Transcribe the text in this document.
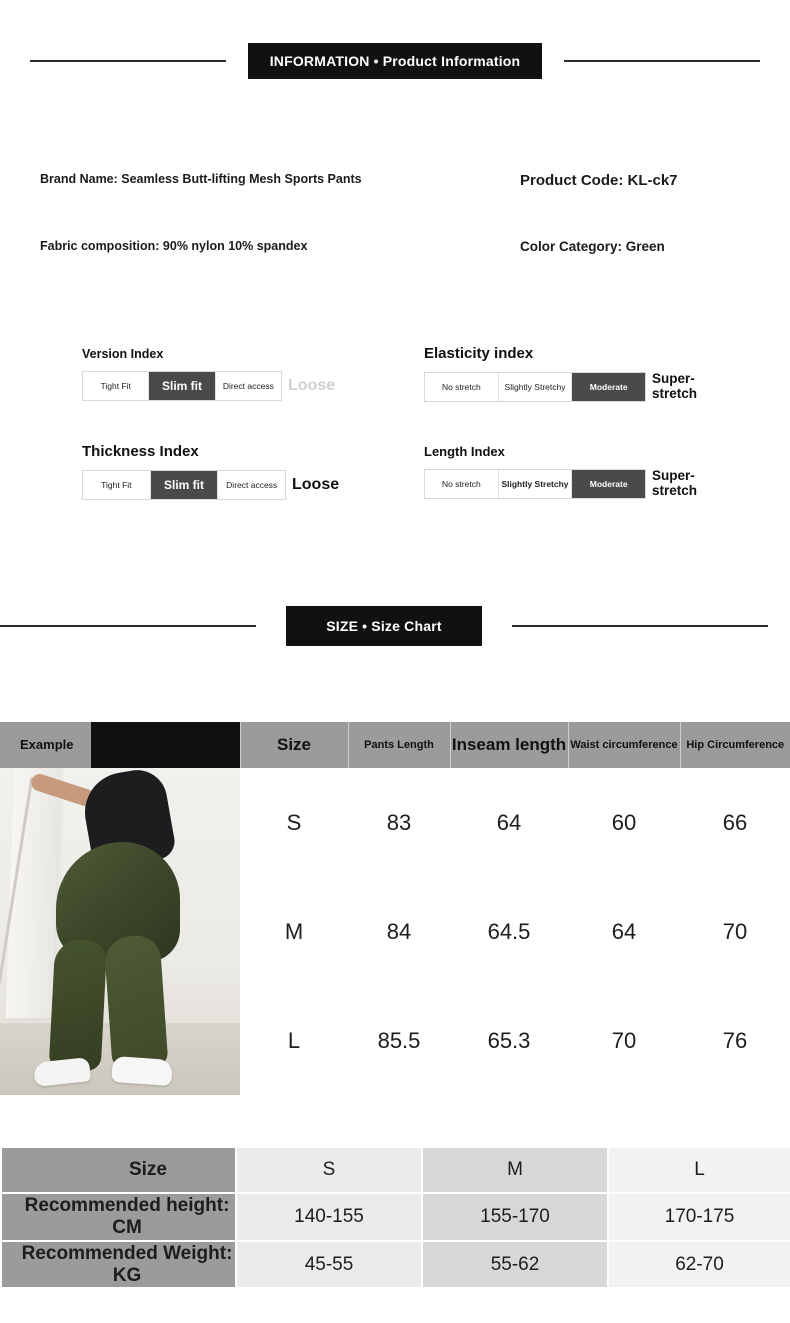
INFORMATION • Product Information
Brand Name: Seamless Butt-lifting Mesh Sports Pants	Product Code: KL-ck7
Fabric composition: 90% nylon 10% spandex	Color Category: Green
Version Index
Tight Fit	Slim fit	Direct access Loose
Elasticity index
No stretch	Slightly Stretchy	Moderate
Super-stretch
Thickness Index
Tight Fit	Slim fit	Direct access Loose
Length Index
No stretch	Slightly Stretchy	Moderate
Super-stretch
SIZE • Size Chart
Example	Size	Pants Length	Inseam length	Waist circumference	Hip Circumference

	S	83	64	60	66
	M	84	64.5	64	70
	L	85.5	65.3	70	76
Size	S	M	L
Recommended height: CM	140-155	155-170	170-175
Recommended Weight: KG	45-55	55-62	62-70
